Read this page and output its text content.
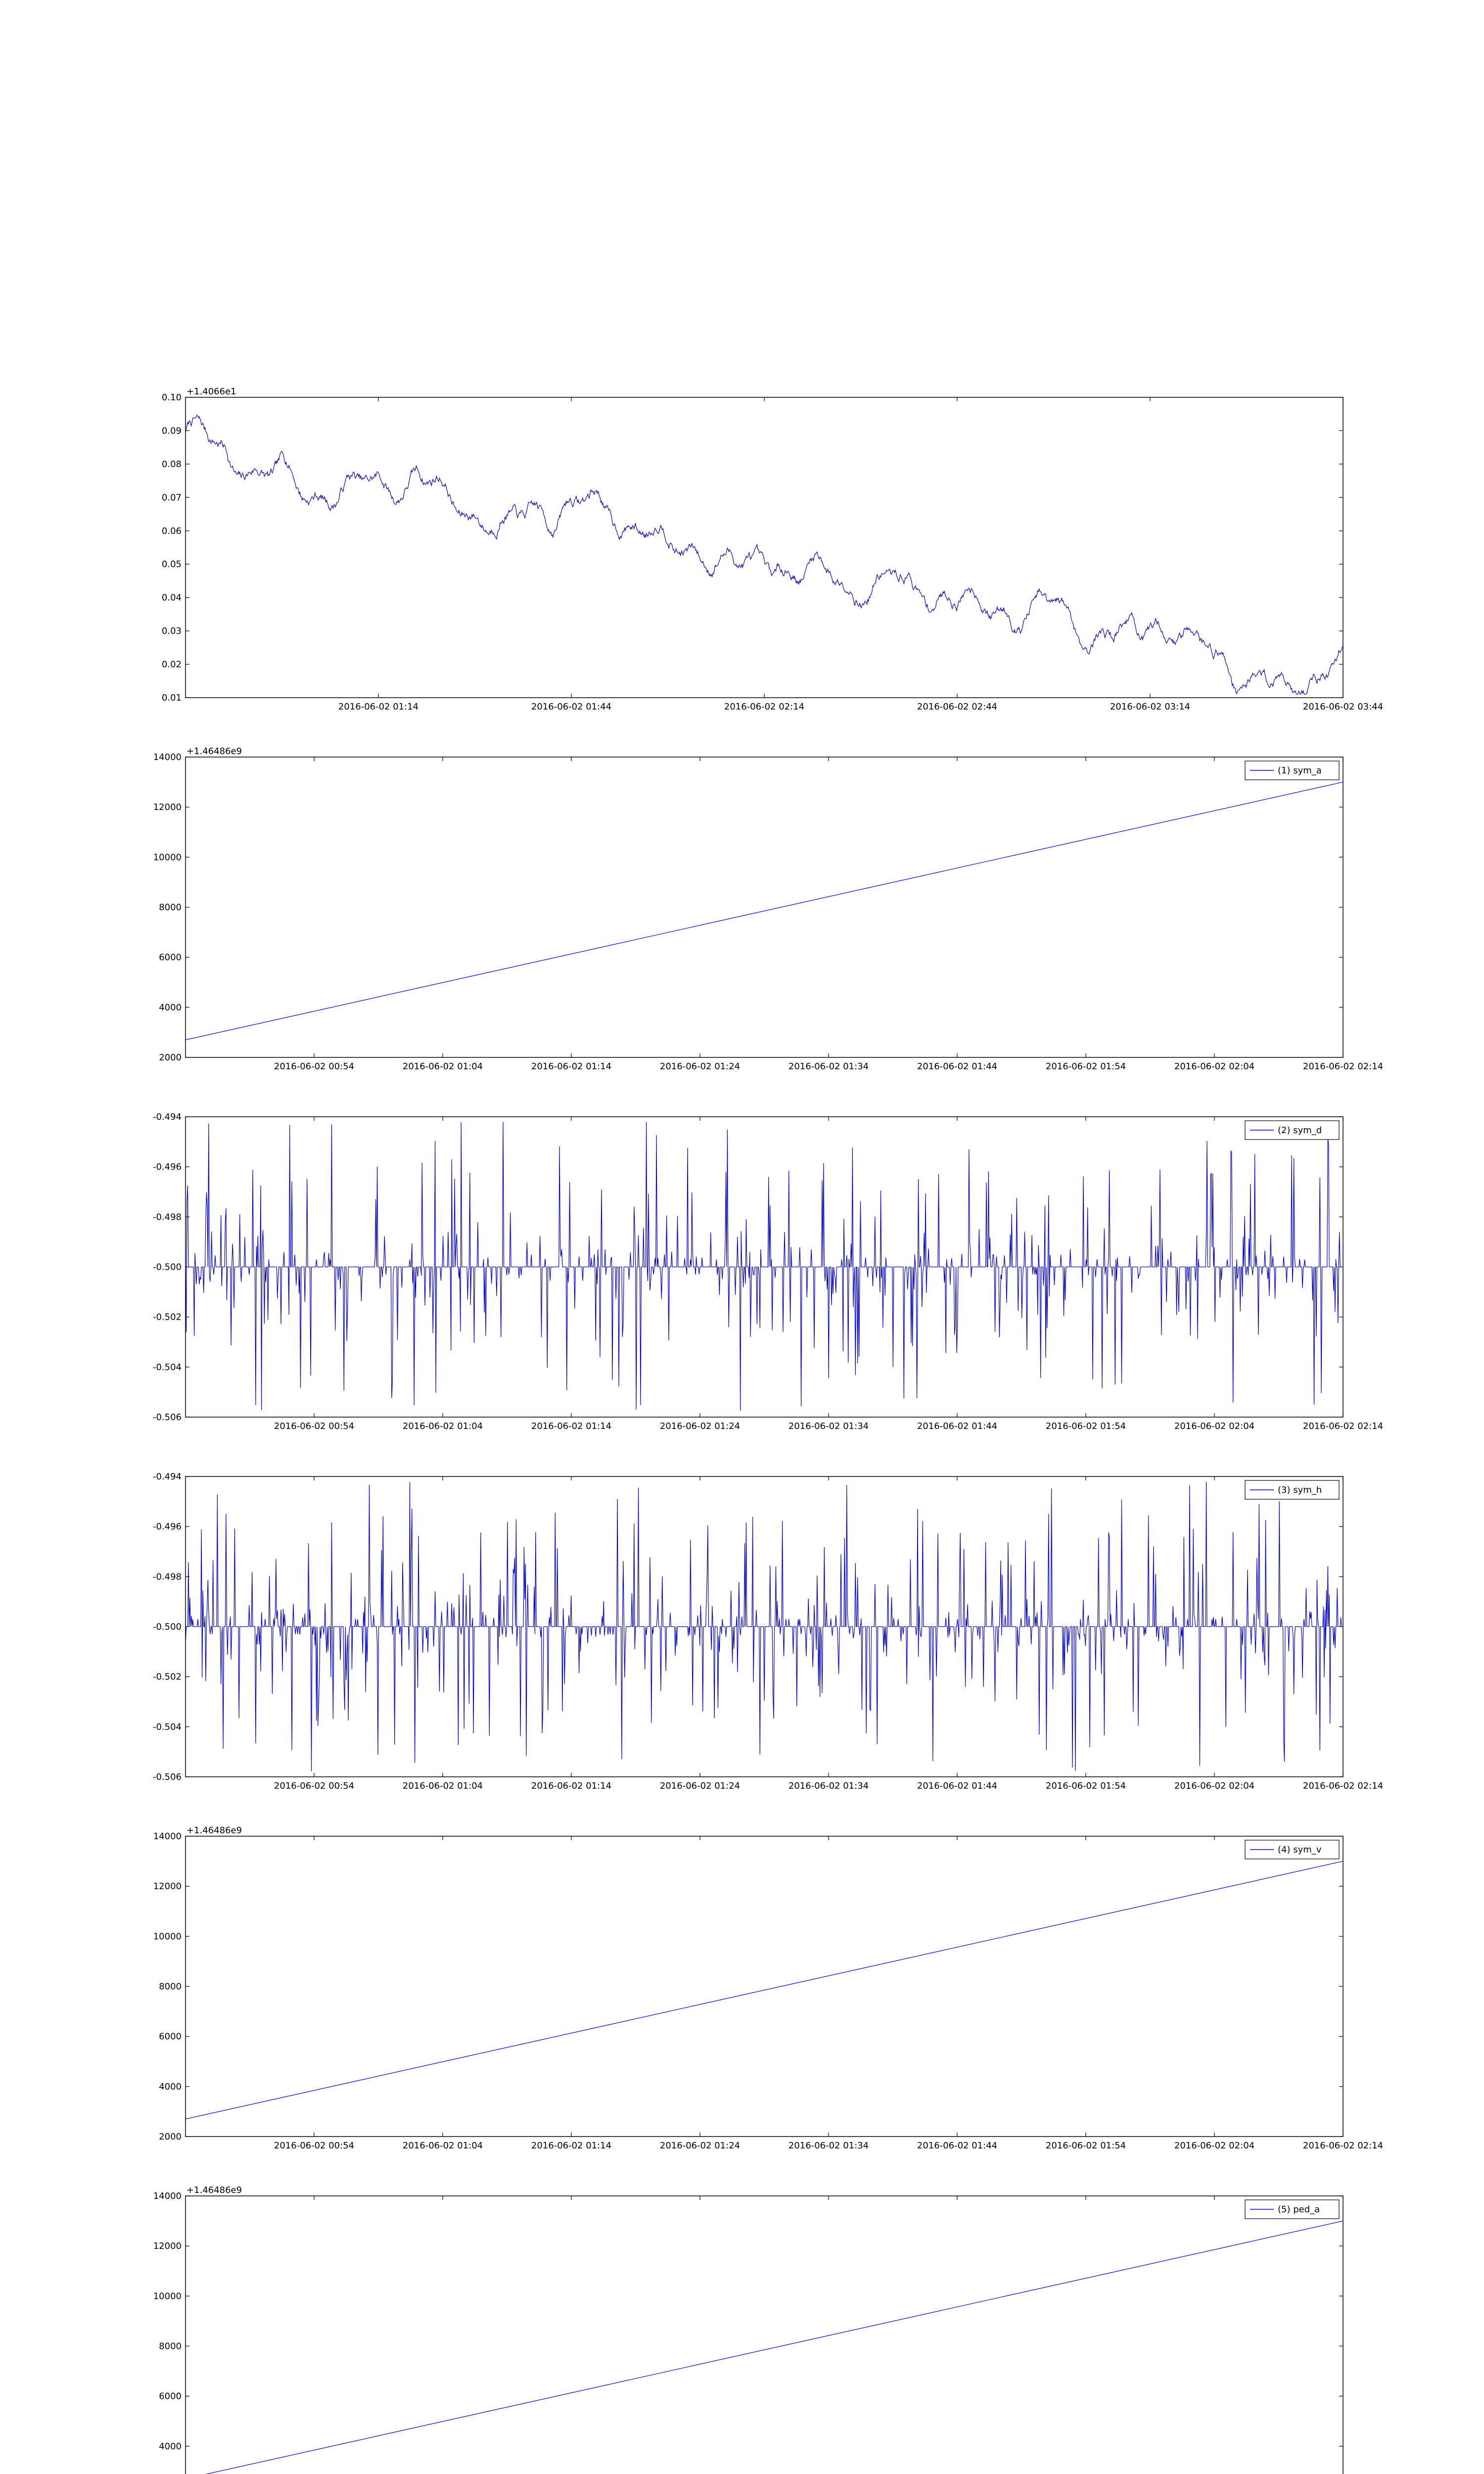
0.10
0.09
0.08
0.07
0.06
0.05
0.04
0.03
0.02
0.01
2016-06-02 01:14	2016-06-02 01:44	2016-06-02 02:14	2016-06-02 02:44	2016-06-02 03:14	2016-06-02 03:44
+1.4066e1
14000
12000
10000
8000
6000
4000
2000
2016-06-02 00:54	2016-06-02 01:04	2016-06-02 01:14	2016-06-02 01:24	2016-06-02 01:34	2016-06-02 01:44	2016-06-02 01:54	2016-06-02 02:04	2016-06-02 02:14
+1.46486e9
(1) sym_a
-0.494
-0.496
-0.498
-0.500
-0.502
-0.504
-0.506
2016-06-02 00:54	2016-06-02 01:04	2016-06-02 01:14	2016-06-02 01:24	2016-06-02 01:34	2016-06-02 01:44	2016-06-02 01:54	2016-06-02 02:04	2016-06-02 02:14
(2) sym_d
-0.494
-0.496
-0.498
-0.500
-0.502
-0.504
-0.506
2016-06-02 00:54	2016-06-02 01:04	2016-06-02 01:14	2016-06-02 01:24	2016-06-02 01:34	2016-06-02 01:44	2016-06-02 01:54	2016-06-02 02:04	2016-06-02 02:14
(3) sym_h
14000
12000
10000
8000
6000
4000
2000
2016-06-02 00:54	2016-06-02 01:04	2016-06-02 01:14	2016-06-02 01:24	2016-06-02 01:34	2016-06-02 01:44	2016-06-02 01:54	2016-06-02 02:04	2016-06-02 02:14
+1.46486e9
(4) sym_v
14000
12000
10000
8000
6000
4000
+1.46486e9
(5) ped_a
